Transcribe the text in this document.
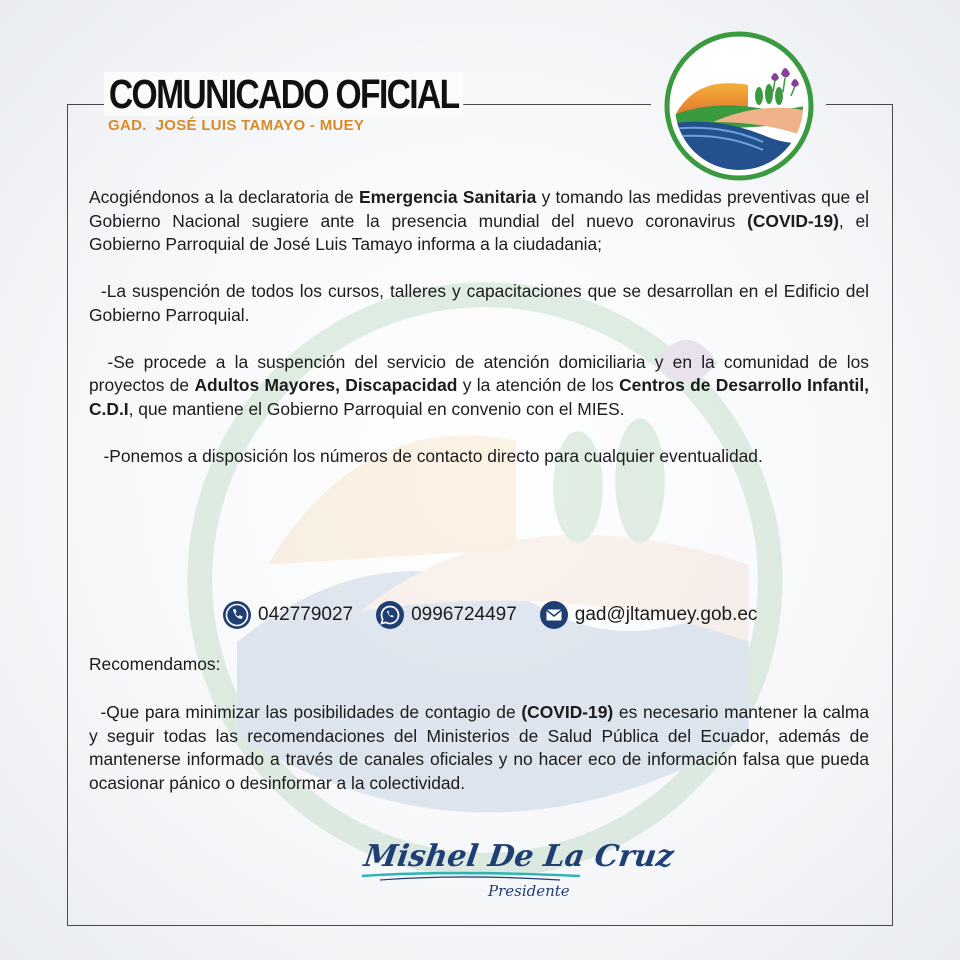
COMUNICADO OFICIAL
GAD.  JOSÉ LUIS TAMAYO - MUEY

Acogiéndonos a la declaratoria de Emergencia Sanitaria y tomando las medidas preventivas que el Gobierno Nacional sugiere ante la presencia mundial del nuevo coronavirus (COVID-19), el Gobierno Parroquial de José Luis Tamayo informa a la ciudadania;

-La suspención de todos los cursos, talleres y capacitaciones que se desarrollan en el Edificio del Gobierno Parroquial.

-Se procede a la suspención del servicio de atención domiciliaria y en la comunidad de los proyectos de Adultos Mayores, Discapacidad y la atención de los Centros de Desarrollo Infantil, C.D.I, que mantiene el Gobierno Parroquial en convenio con el MIES.

-Ponemos a disposición los números de contacto directo para cualquier eventualidad.

042779027	0996724497	gad@jltamuey.gob.ec
Recomendamos:
-Que para minimizar las posibilidades de contagio de (COVID-19) es necesario mantener la calma y seguir todas las recomendaciones del Ministerios de Salud Pública del Ecuador, además de mantenerse informado a través de canales oficiales y no hacer eco de información falsa que pueda ocasionar pánico o desinformar a la colectividad.
Mishel De La Cruz
Presidente
